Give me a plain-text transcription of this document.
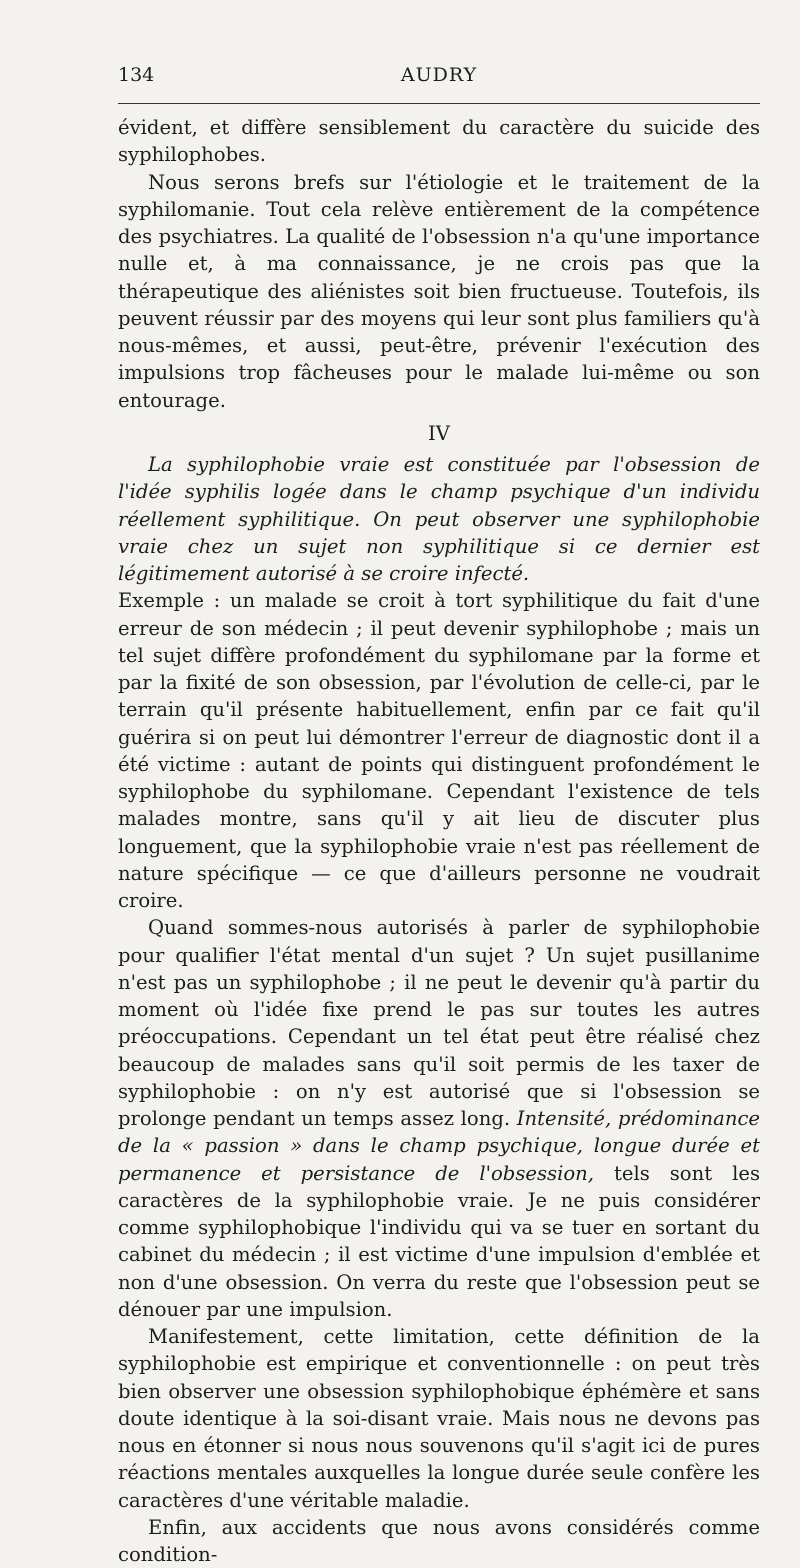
134	AUDRY

évident, et diffère sensiblement du caractère du suicide des syphilophobes.

Nous serons brefs sur l'étiologie et le traitement de la syphilomanie. Tout cela relève entièrement de la compétence des psychiatres. La qualité de l'obsession n'a qu'une importance nulle et, à ma connaissance, je ne crois pas que la thérapeutique des aliénistes soit bien fructueuse. Toutefois, ils peuvent réussir par des moyens qui leur sont plus familiers qu'à nous-mêmes, et aussi, peut-être, prévenir l'exécution des impulsions trop fâcheuses pour le malade lui-même ou son entourage.

IV

La syphilophobie vraie est constituée par l'obsession de l'idée syphilis logée dans le champ psychique d'un individu réellement syphilitique. On peut observer une syphilophobie vraie chez un sujet non syphilitique si ce dernier est légitimement autorisé à se croire infecté.

Exemple : un malade se croit à tort syphilitique du fait d'une erreur de son médecin ; il peut devenir syphilophobe ; mais un tel sujet diffère profondément du syphilomane par la forme et par la fixité de son obsession, par l'évolution de celle-ci, par le terrain qu'il présente habituellement, enfin par ce fait qu'il guérira si on peut lui démontrer l'erreur de diagnostic dont il a été victime : autant de points qui distinguent profondément le syphilophobe du syphilomane. Cependant l'existence de tels malades montre, sans qu'il y ait lieu de discuter plus longuement, que la syphilophobie vraie n'est pas réellement de nature spécifique — ce que d'ailleurs personne ne voudrait croire.

Quand sommes-nous autorisés à parler de syphilophobie pour qualifier l'état mental d'un sujet ? Un sujet pusillanime n'est pas un syphilophobe ; il ne peut le devenir qu'à partir du moment où l'idée fixe prend le pas sur toutes les autres préoccupations. Cependant un tel état peut être réalisé chez beaucoup de malades sans qu'il soit permis de les taxer de syphilophobie : on n'y est autorisé que si l'obsession se prolonge pendant un temps assez long. Intensité, prédominance de la « passion » dans le champ psychique, longue durée et permanence et persistance de l'obsession, tels sont les caractères de la syphilophobie vraie. Je ne puis considérer comme syphilophobique l'individu qui va se tuer en sortant du cabinet du médecin ; il est victime d'une impulsion d'emblée et non d'une obsession. On verra du reste que l'obsession peut se dénouer par une impulsion.

Manifestement, cette limitation, cette définition de la syphilophobie est empirique et conventionnelle : on peut très bien observer une obsession syphilophobique éphémère et sans doute identique à la soi-disant vraie. Mais nous ne devons pas nous en étonner si nous nous souvenons qu'il s'agit ici de pures réactions mentales auxquelles la longue durée seule confère les caractères d'une véritable maladie.

Enfin, aux accidents que nous avons considérés comme condition-
